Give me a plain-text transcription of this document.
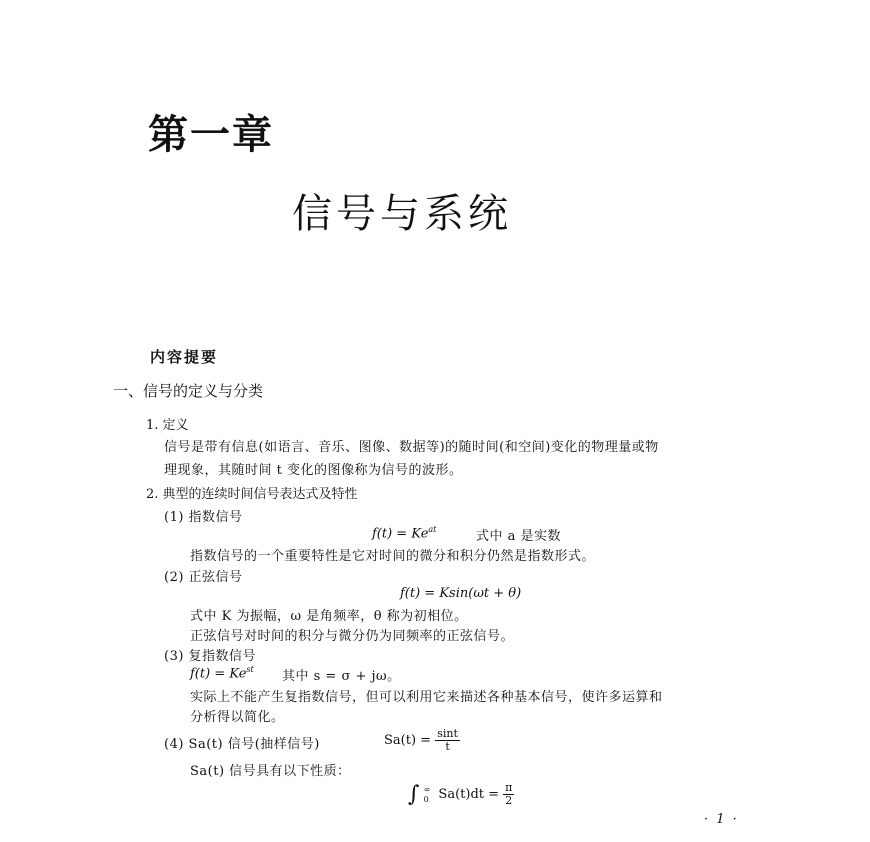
第一章
信号与系统
内容提要
一、信号的定义与分类
1. 定义
信号是带有信息(如语言、音乐、图像、数据等)的随时间(和空间)变化的物理量或物
理现象，其随时间 t 变化的图像称为信号的波形。
2. 典型的连续时间信号表达式及特性
(1) 指数信号
$f(t) = Ke^{at}$	式中 a 是实数
指数信号的一个重要特性是它对时间的微分和积分仍然是指数形式。
(2) 正弦信号
f(t) = Ksin(ωt + θ)
式中 K 为振幅，ω 是角频率，θ 称为初相位。
正弦信号对时间的积分与微分仍为同频率的正弦信号。
(3) 复指数信号
$f(t) = Ke^{st}$ 其中 s = σ + jω。
实际上不能产生复指数信号，但可以利用它来描述各种基本信号，使许多运算和
分析得以简化。
(4) Sa(t) 信号(抽样信号)	$Sa(t) = \frac{\sin t}{t}$
Sa(t) 信号具有以下性质：
∫ ∞
0 $Sa(t)dt = \frac{\pi}{2}$
· 1 ·
